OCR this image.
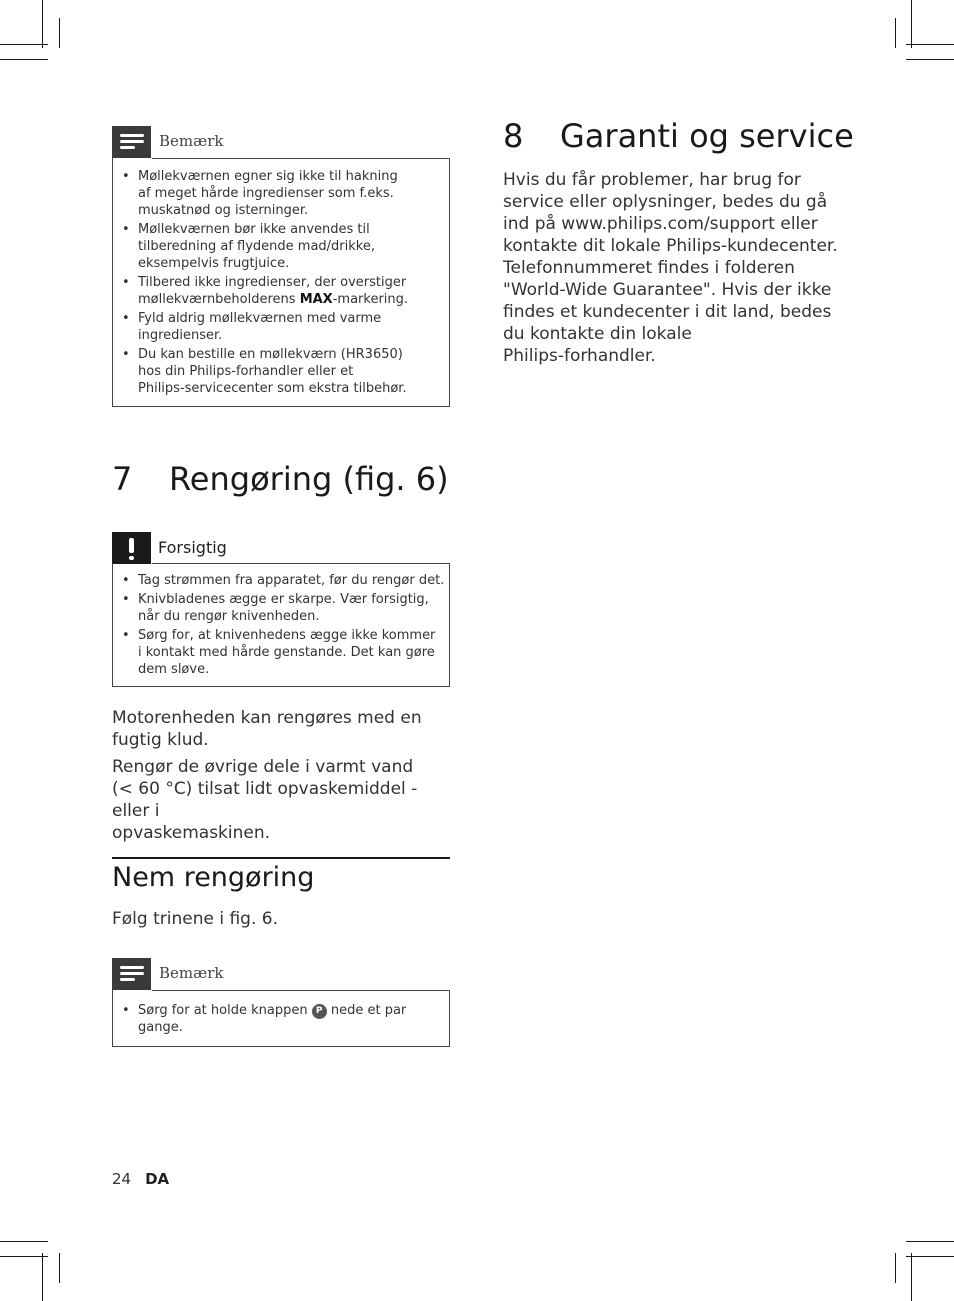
Bemærk
• Møllekværnen egner sig ikke til hakning
af meget hårde ingredienser som f.eks.
muskatnød og isterninger.
• Møllekværnen bør ikke anvendes til
tilberedning af flydende mad/drikke,
eksempelvis frugtjuice.
• Tilbered ikke ingredienser, der overstiger
møllekværnbeholderens MAX-markering.
• Fyld aldrig møllekværnen med varme
ingredienser.
• Du kan bestille en møllekværn (HR3650)
hos din Philips-forhandler eller et
Philips-servicecenter som ekstra tilbehør.
7 Rengøring (fig. 6)
Forsigtig
• Tag strømmen fra apparatet, før du rengør det.
• Knivbladenes ægge er skarpe. Vær forsigtig,
når du rengør knivenheden.
• Sørg for, at knivenhedens ægge ikke kommer
i kontakt med hårde genstande. Det kan gøre
dem sløve.
Motorenheden kan rengøres med en
fugtig klud.
Rengør de øvrige dele i varmt vand
(< 60 °C) tilsat lidt opvaskemiddel - eller i
opvaskemaskinen.
Nem rengøring
Følg trinene i fig. 6.
Bemærk
• Sørg for at holde knappen P nede et par
gange.
8 Garanti og service
Hvis du får problemer, har brug for
service eller oplysninger, bedes du gå
ind på www.philips.com/support eller
kontakte dit lokale Philips-kundecenter.
Telefonnummeret findes i folderen
"World-Wide Guarantee". Hvis der ikke
findes et kundecenter i dit land, bedes
du kontakte din lokale
Philips-forhandler.
24 DA
